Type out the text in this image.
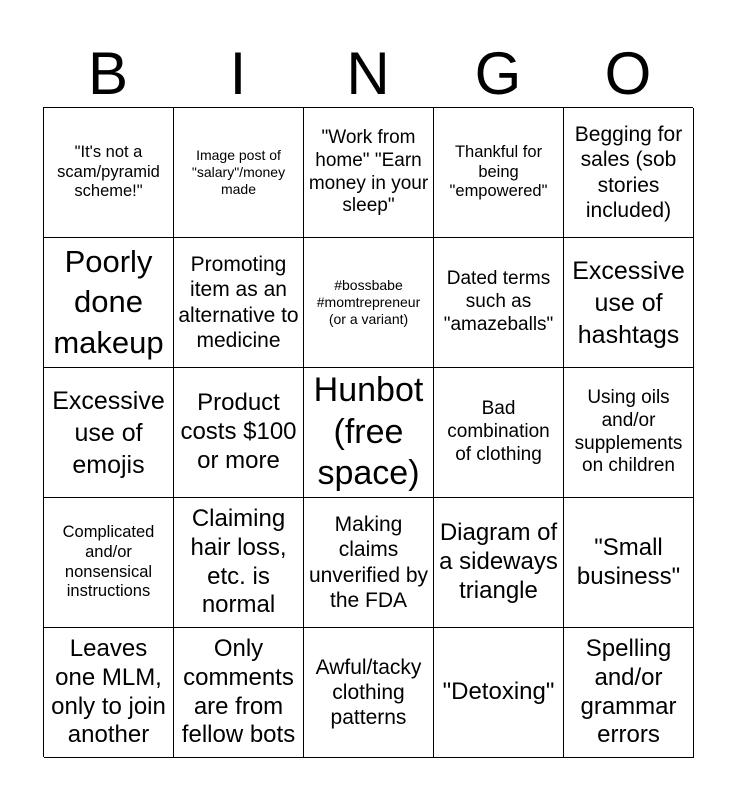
B	I	N	G	O
"It's not a scam/pyramid scheme!"
Image post of "salary"/money made
"Work from home" "Earn money in your sleep"
Thankful for being "empowered"
Begging for sales (sob stories included)
Poorly done makeup
Promoting item as an alternative to medicine
#bossbabe #momtrepreneur (or a variant)
Dated terms such as "amazeballs"
Excessive use of hashtags
Excessive use of emojis
Product costs $100 or more
Hunbot (free space)
Bad combination of clothing
Using oils and/or supplements on children
Complicated and/or nonsensical instructions
Claiming hair loss, etc. is normal
Making claims unverified by the FDA
Diagram of a sideways triangle
"Small business"
Leaves one MLM, only to join another
Only comments are from fellow bots
Awful/tacky clothing patterns
"Detoxing"
Spelling and/or grammar errors
